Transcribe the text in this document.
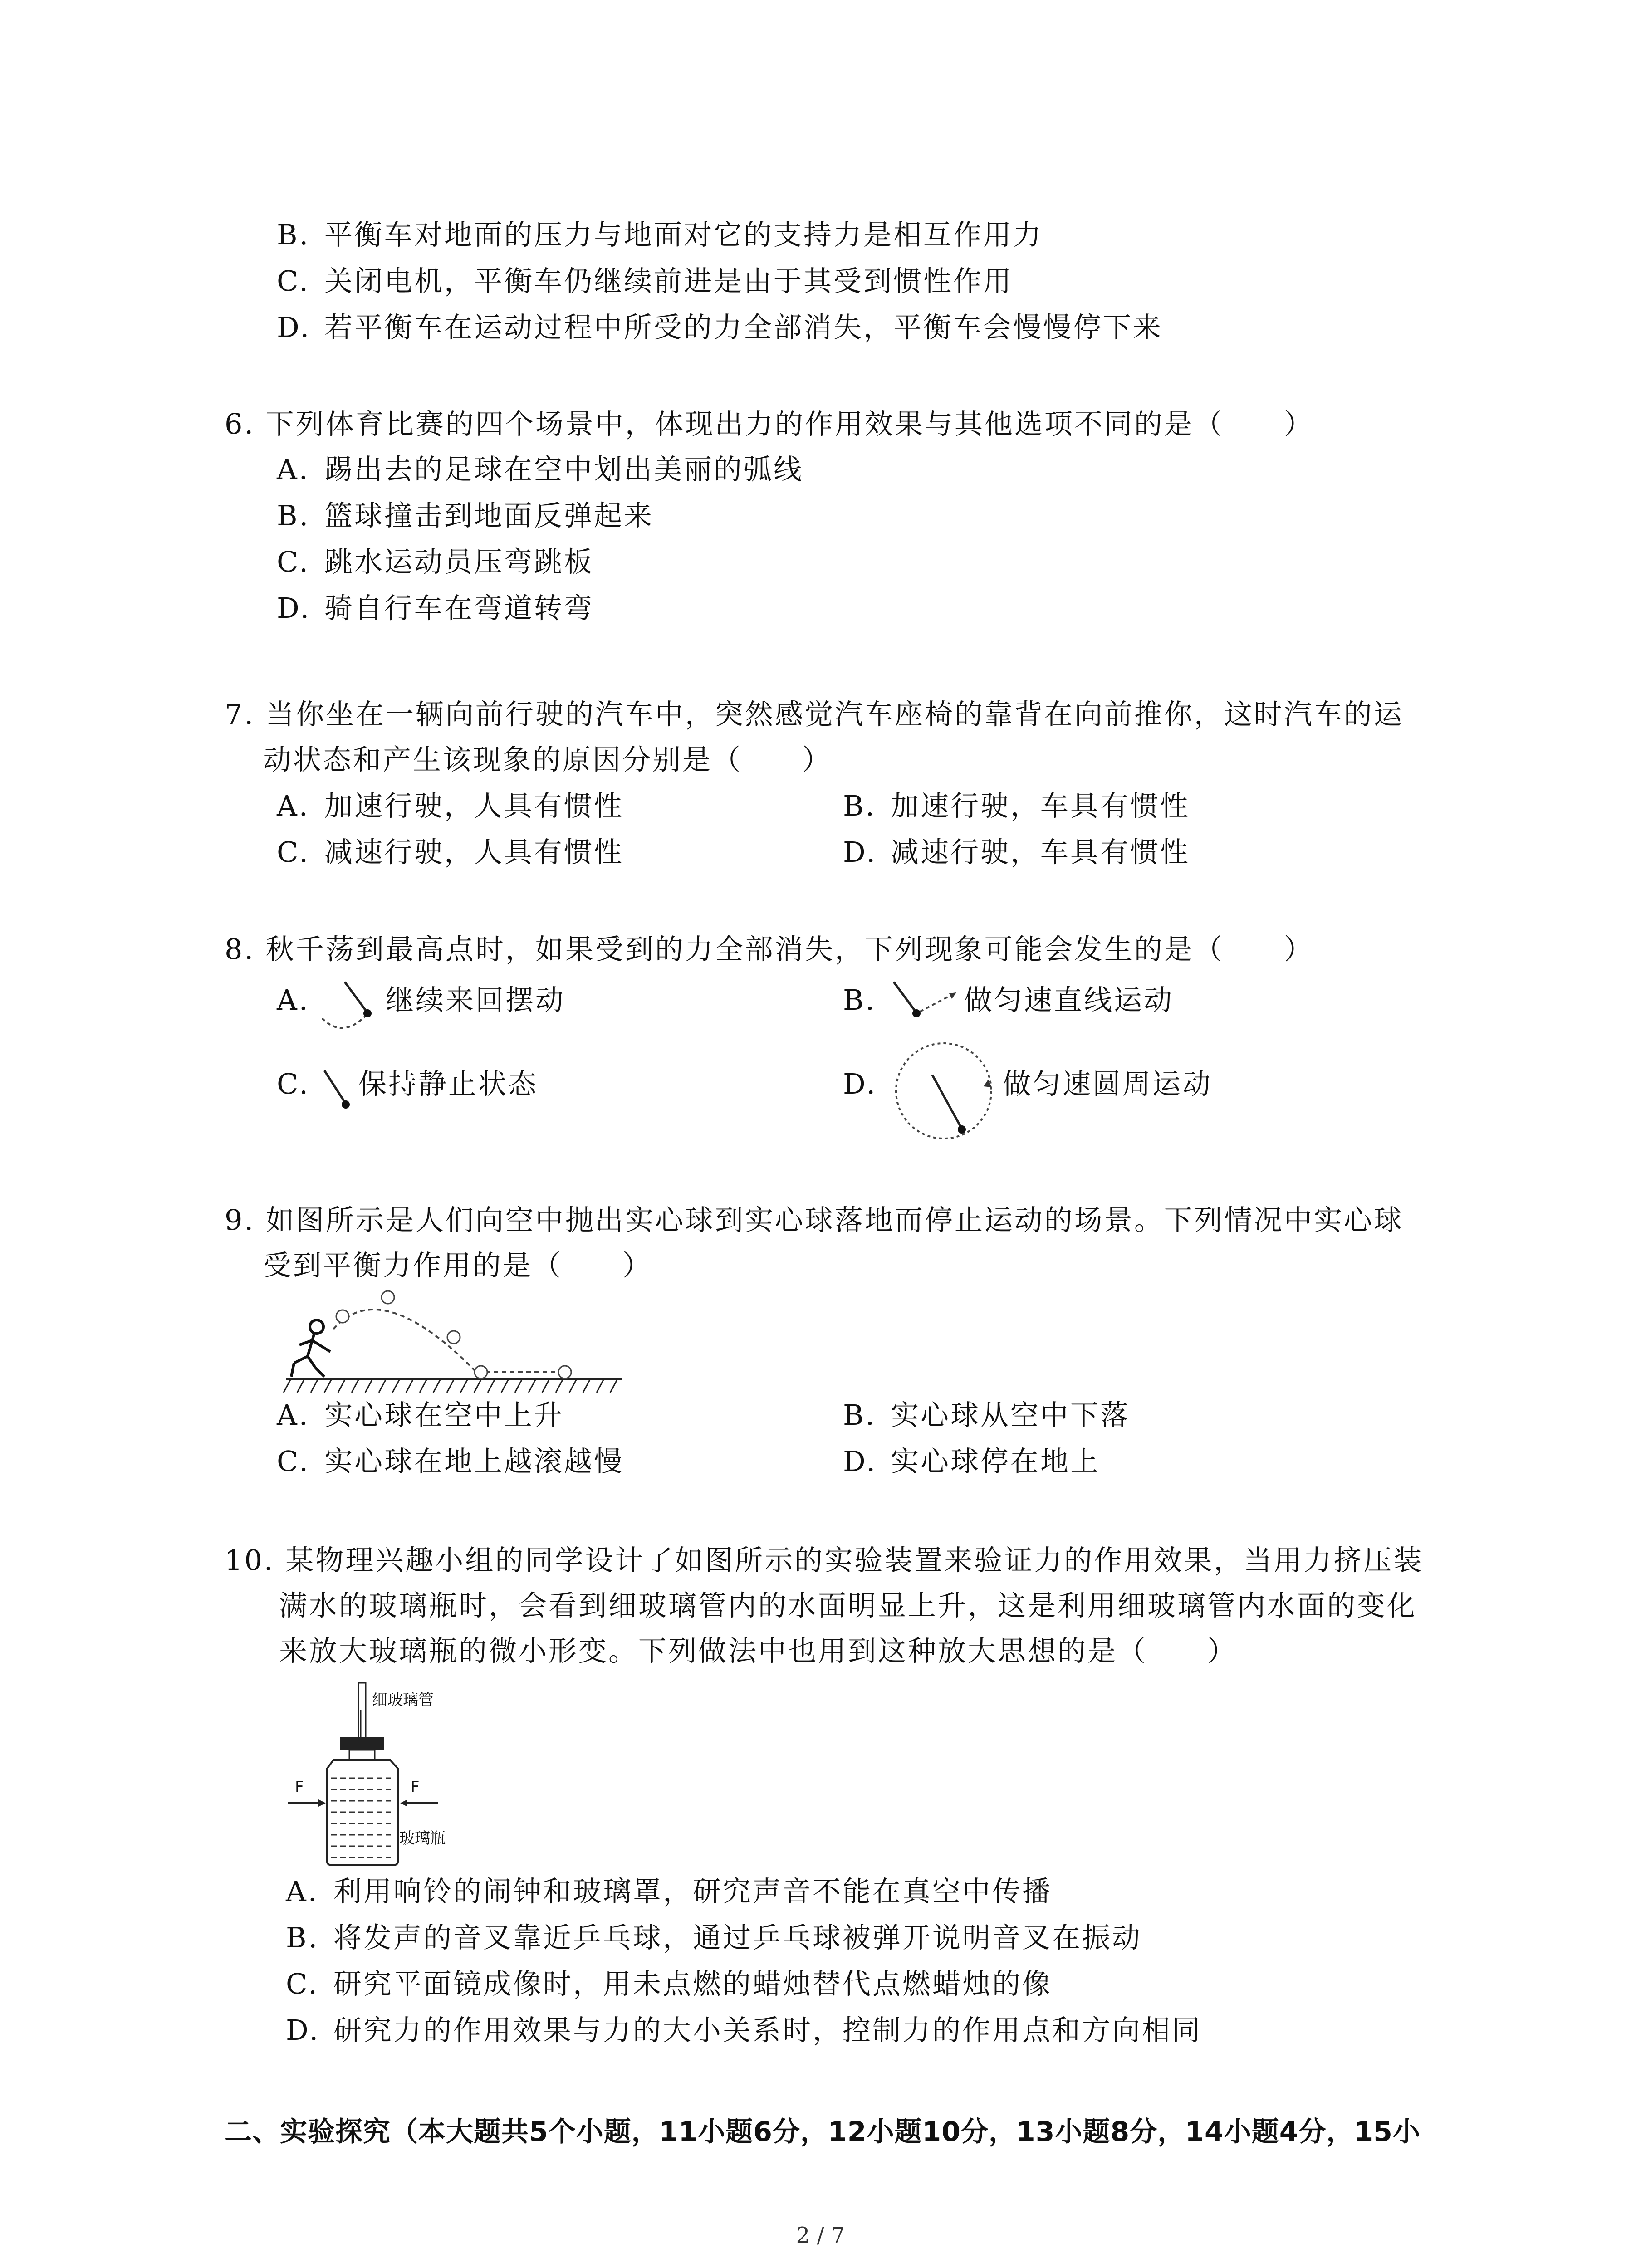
B. 平衡车对地面的压力与地面对它的支持力是相互作用力
C. 关闭电机，平衡车仍继续前进是由于其受到惯性作用
D. 若平衡车在运动过程中所受的力全部消失，平衡车会慢慢停下来
6. 下列体育比赛的四个场景中，体现出力的作用效果与其他选项不同的是（　　）
A. 踢出去的足球在空中划出美丽的弧线
B. 篮球撞击到地面反弹起来
C. 跳水运动员压弯跳板
D. 骑自行车在弯道转弯
7. 当你坐在一辆向前行驶的汽车中，突然感觉汽车座椅的靠背在向前推你，这时汽车的运
动状态和产生该现象的原因分别是（　　）
A. 加速行驶，人具有惯性	B. 加速行驶，车具有惯性
C. 减速行驶，人具有惯性	D. 减速行驶，车具有惯性
8. 秋千荡到最高点时，如果受到的力全部消失，下列现象可能会发生的是（　　）
A.	继续来回摆动	B.	做匀速直线运动
C. 保持静止状态	D.	做匀速圆周运动
9. 如图所示是人们向空中抛出实心球到实心球落地而停止运动的场景。下列情况中实心球
受到平衡力作用的是（　　）
A. 实心球在空中上升	B. 实心球从空中下落
C. 实心球在地上越滚越慢	D. 实心球停在地上
10. 某物理兴趣小组的同学设计了如图所示的实验装置来验证力的作用效果，当用力挤压装
满水的玻璃瓶时，会看到细玻璃管内的水面明显上升，这是利用细玻璃管内水面的变化
来放大玻璃瓶的微小形变。下列做法中也用到这种放大思想的是（　　）
细玻璃管
玻璃瓶
F	F
A. 利用响铃的闹钟和玻璃罩，研究声音不能在真空中传播
B. 将发声的音叉靠近乒乓球，通过乒乓球被弹开说明音叉在振动
C. 研究平面镜成像时，用未点燃的蜡烛替代点燃蜡烛的像
D. 研究力的作用效果与力的大小关系时，控制力的作用点和方向相同
二、实验探究（本大题共5个小题，11小题6分，12小题10分，13小题8分，14小题4分，15小
2 / 7
